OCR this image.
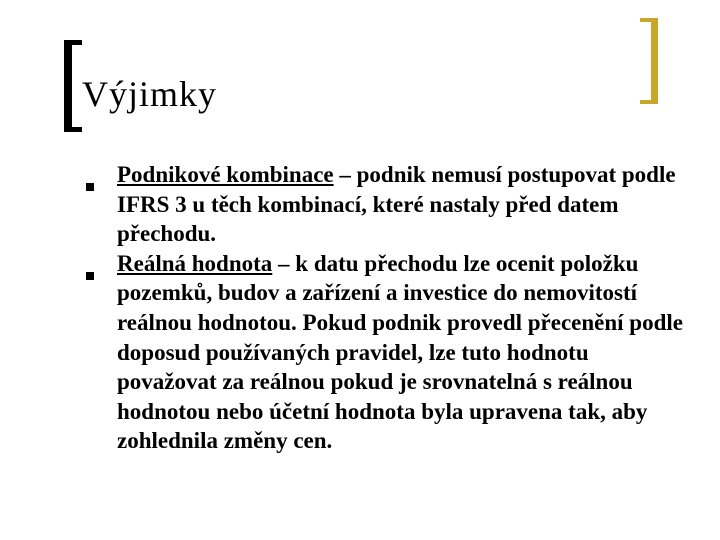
Výjimky

Podnikové kombinace – podnik nemusí postupovat podle IFRS 3 u těch kombinací, které nastaly před datem přechodu.

Reálná hodnota – k datu přechodu lze ocenit položku pozemků, budov a zařízení a investice do nemovitostí reálnou hodnotou. Pokud podnik provedl přecenění podle doposud používaných pravidel, lze tuto hodnotu považovat za reálnou pokud je srovnatelná s reálnou hodnotou nebo účetní hodnota byla upravena tak, aby zohlednila změny cen.
